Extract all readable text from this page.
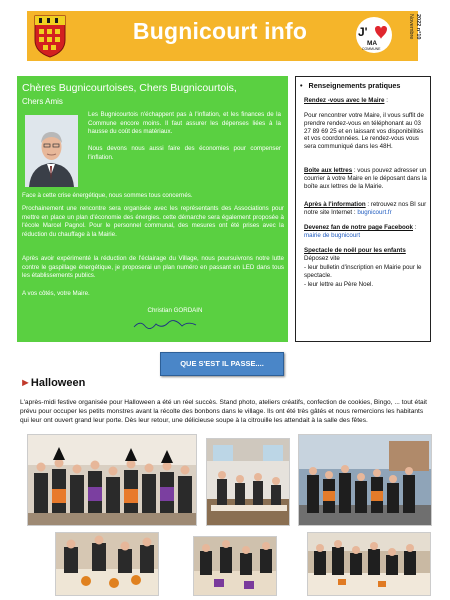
Bugnicourt info	J'
MA
COMMUNE
Novembre 2022 n°10
Chères Bugnicourtoises, Chers Bugnicourtois,
Chers Amis
Les Bugnicourtois n'échappent pas à l'inflation, et les finances de la Commune encore moins. Il faut assurer les dépenses liées à la hausse du coût des matériaux.
Nous devons nous aussi faire des économies pour compenser l'inflation.
Face à cette crise énergétique, nous sommes tous concernés.
Prochainement une rencontre sera organisée avec les représentants des Associations pour mettre en place un plan d'économie des énergies. cette démarche sera également proposée à l'école Marcel Pagnol. Pour le personnel communal, des mesures ont été prises avec la réduction du chauffage à la Mairie.
Après avoir expérimenté la réduction de l'éclairage du Village, nous poursuivrons notre lutte contre le gaspillage énergétique, je proposerai un plan numéro en passant en LED dans tous les établissements publics.
A vos côtés, votre Maire.
Christian GORDAIN
• Renseignements pratiques
Rendez -vous avec le Maire :
Pour rencontrer votre Maire, il vous suffit de prendre rendez-vous en téléphonant au 03 27 89 69 25 et en laissant vos disponibilités et vos coordonnées. Le rendez-vous vous sera communiqué dans les 48H.
Boîte aux lettres : vous pouvez adresser un courrier à votre Maire en le déposant dans la boîte aux lettres de la Mairie.
Après à l'information : retrouvez nos BI sur notre site Internet : bugnicourt.fr
Devenez fan de notre page Facebook : mairie de bugnicourt
Spectacle de noël pour les enfants
Déposez vite
- leur bulletin d'inscription en Mairie pour le spectacle.
- leur lettre au Père Noel.
QUE S'EST IL PASSE....
►Halloween
L'après-midi festive organisée pour Halloween a été un réel succès. Stand photo, ateliers créatifs, confection de cookies, Bingo, ... tout était prévu pour occuper les petits monstres avant la récolte des bonbons dans le village. Ils ont été très gâtés et nous remercions les habitants qui leur ont ouvert grand leur porte. Dès leur retour, une délicieuse soupe à la citrouille les attendait à la salle des fêtes.
